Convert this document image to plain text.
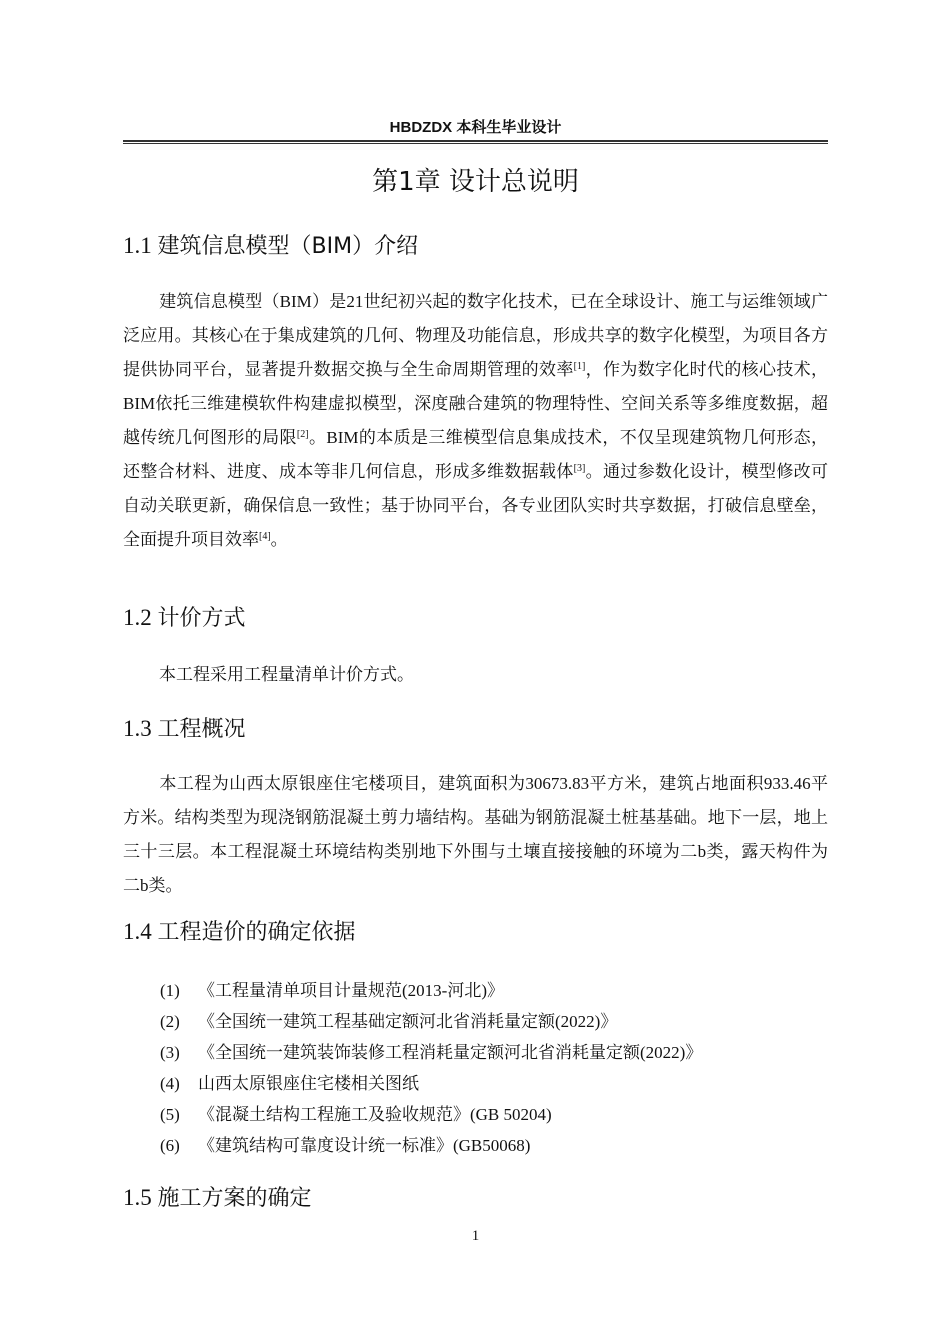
HBDZDX 本科生毕业设计
第1章 设计总说明
1.1 建筑信息模型（BIM）介绍
建筑信息模型（BIM）是21世纪初兴起的数字化技术，已在全球设计、施工与运维领域广泛应用。其核心在于集成建筑的几何、物理及功能信息，形成共享的数字化模型，为项目各方提供协同平台，显著提升数据交换与全生命周期管理的效率[1]，作为数字化时代的核心技术，BIM依托三维建模软件构建虚拟模型，深度融合建筑的物理特性、空间关系等多维度数据，超越传统几何图形的局限[2]。BIM的本质是三维模型信息集成技术，不仅呈现建筑物几何形态，还整合材料、进度、成本等非几何信息，形成多维数据载体[3]。通过参数化设计，模型修改可自动关联更新，确保信息一致性；基于协同平台，各专业团队实时共享数据，打破信息壁垒，全面提升项目效率[4]。
1.2 计价方式
本工程采用工程量清单计价方式。
1.3 工程概况
本工程为山西太原银座住宅楼项目，建筑面积为30673.83平方米，建筑占地面积933.46平方米。结构类型为现浇钢筋混凝土剪力墙结构。基础为钢筋混凝土桩基基础。地下一层，地上三十三层。本工程混凝土环境结构类别地下外围与土壤直接接触的环境为二b类，露天构件为二b类。
1.4 工程造价的确定依据
(1) 《工程量清单项目计量规范(2013-河北)》
(2) 《全国统一建筑工程基础定额河北省消耗量定额(2022)》
(3) 《全国统一建筑装饰装修工程消耗量定额河北省消耗量定额(2022)》
(4) 山西太原银座住宅楼相关图纸
(5) 《混凝土结构工程施工及验收规范》(GB 50204)
(6) 《建筑结构可靠度设计统一标准》(GB50068)
1.5 施工方案的确定
1
